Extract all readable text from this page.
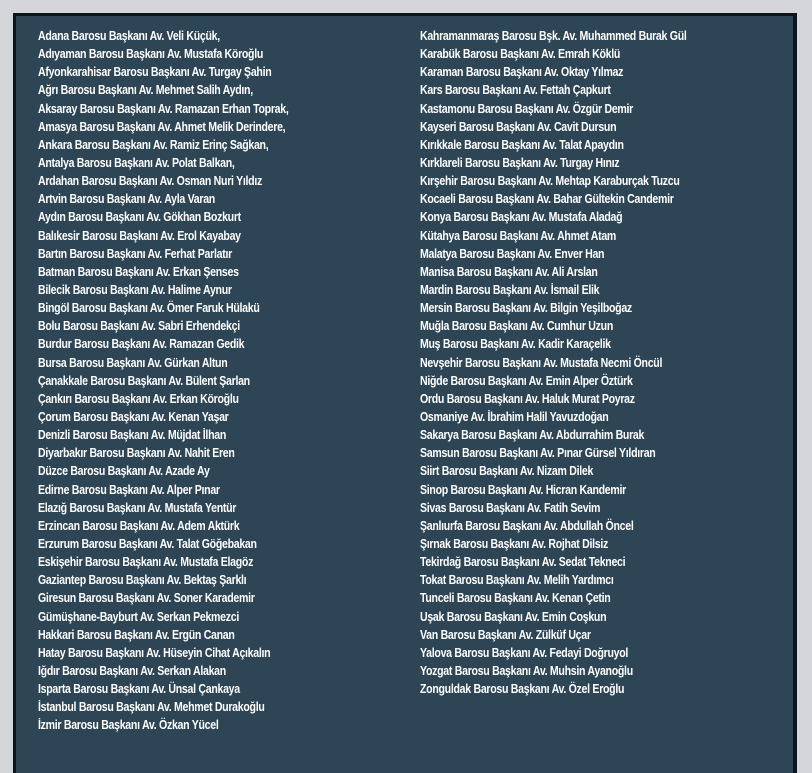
Adana Barosu Başkanı Av. Veli Küçük,
Adıyaman Barosu Başkanı Av. Mustafa Köroğlu
Afyonkarahisar Barosu Başkanı Av. Turgay Şahin
Ağrı Barosu Başkanı Av. Mehmet Salih Aydın,
Aksaray Barosu Başkanı Av. Ramazan Erhan Toprak,
Amasya Barosu Başkanı Av. Ahmet Melik Derindere,
Ankara Barosu Başkanı Av. Ramiz Erinç Sağkan,
Antalya Barosu Başkanı Av. Polat Balkan,
Ardahan Barosu Başkanı Av. Osman Nuri Yıldız
Artvin Barosu Başkanı Av. Ayla Varan
Aydın Barosu Başkanı Av. Gökhan Bozkurt
Balıkesir Barosu Başkanı Av. Erol Kayabay
Bartın Barosu Başkanı Av. Ferhat Parlatır
Batman Barosu Başkanı Av. Erkan Şenses
Bilecik Barosu Başkanı Av. Halime Aynur
Bingöl Barosu Başkanı Av. Ömer Faruk Hülakü
Bolu Barosu Başkanı Av. Sabri Erhendekçi
Burdur Barosu Başkanı Av. Ramazan Gedik
Bursa Barosu Başkanı Av. Gürkan Altun
Çanakkale Barosu Başkanı Av. Bülent Şarlan
Çankırı Barosu Başkanı Av. Erkan Köroğlu
Çorum Barosu Başkanı Av. Kenan Yaşar
Denizli Barosu Başkanı Av. Müjdat İlhan
Diyarbakır Barosu Başkanı Av. Nahit Eren
Düzce Barosu Başkanı Av. Azade Ay
Edirne Barosu Başkanı Av. Alper Pınar
Elazığ Barosu Başkanı Av. Mustafa Yentür
Erzincan Barosu Başkanı Av. Adem Aktürk
Erzurum Barosu Başkanı Av. Talat Göğebakan
Eskişehir Barosu Başkanı Av. Mustafa Elagöz
Gaziantep Barosu Başkanı Av. Bektaş Şarklı
Giresun Barosu Başkanı Av. Soner Karademir
Gümüşhane-Bayburt Av. Serkan Pekmezci
Hakkari Barosu Başkanı Av. Ergün Canan
Hatay Barosu Başkanı Av. Hüseyin Cihat Açıkalın
Iğdır Barosu Başkanı Av. Serkan Alakan
Isparta Barosu Başkanı Av. Ünsal Çankaya
İstanbul Barosu Başkanı Av. Mehmet Durakoğlu
İzmir Barosu Başkanı Av. Özkan Yücel
Kahramanmaraş Barosu Bşk. Av. Muhammed Burak Gül
Karabük Barosu Başkanı Av. Emrah Köklü
Karaman Barosu Başkanı Av. Oktay Yılmaz
Kars Barosu Başkanı Av. Fettah Çapkurt
Kastamonu Barosu Başkanı Av. Özgür Demir
Kayseri Barosu Başkanı Av. Cavit Dursun
Kırıkkale Barosu Başkanı Av. Talat Apaydın
Kırklareli Barosu Başkanı Av. Turgay Hınız
Kırşehir Barosu Başkanı Av. Mehtap Karaburçak Tuzcu
Kocaeli Barosu Başkanı Av. Bahar Gültekin Candemir
Konya Barosu Başkanı Av. Mustafa Aladağ
Kütahya Barosu Başkanı Av. Ahmet Atam
Malatya Barosu Başkanı Av. Enver Han
Manisa Barosu Başkanı Av. Ali Arslan
Mardin Barosu Başkanı Av. İsmail Elik
Mersin Barosu Başkanı Av. Bilgin Yeşilboğaz
Muğla Barosu Başkanı Av. Cumhur Uzun
Muş Barosu Başkanı Av. Kadir Karaçelik
Nevşehir Barosu Başkanı Av. Mustafa Necmi Öncül
Niğde Barosu Başkanı Av. Emin Alper Öztürk
Ordu Barosu Başkanı Av. Haluk Murat Poyraz
Osmaniye Av. İbrahim Halil Yavuzdoğan
Sakarya Barosu Başkanı Av. Abdurrahim Burak
Samsun Barosu Başkanı Av. Pınar Gürsel Yıldıran
Siirt Barosu Başkanı Av. Nizam Dilek
Sinop Barosu Başkanı Av. Hicran Kandemir
Sivas Barosu Başkanı Av. Fatih Sevim
Şanlıurfa Barosu Başkanı Av. Abdullah Öncel
Şırnak Barosu Başkanı Av. Rojhat Dilsiz
Tekirdağ Barosu Başkanı Av. Sedat Tekneci
Tokat Barosu Başkanı Av. Melih Yardımcı
Tunceli Barosu Başkanı Av. Kenan Çetin
Uşak Barosu Başkanı Av. Emin Coşkun
Van Barosu Başkanı Av. Zülküf Uçar
Yalova Barosu Başkanı Av. Fedayi Doğruyol
Yozgat Barosu Başkanı Av. Muhsin Ayanoğlu
Zonguldak Barosu Başkanı Av. Özel Eroğlu
